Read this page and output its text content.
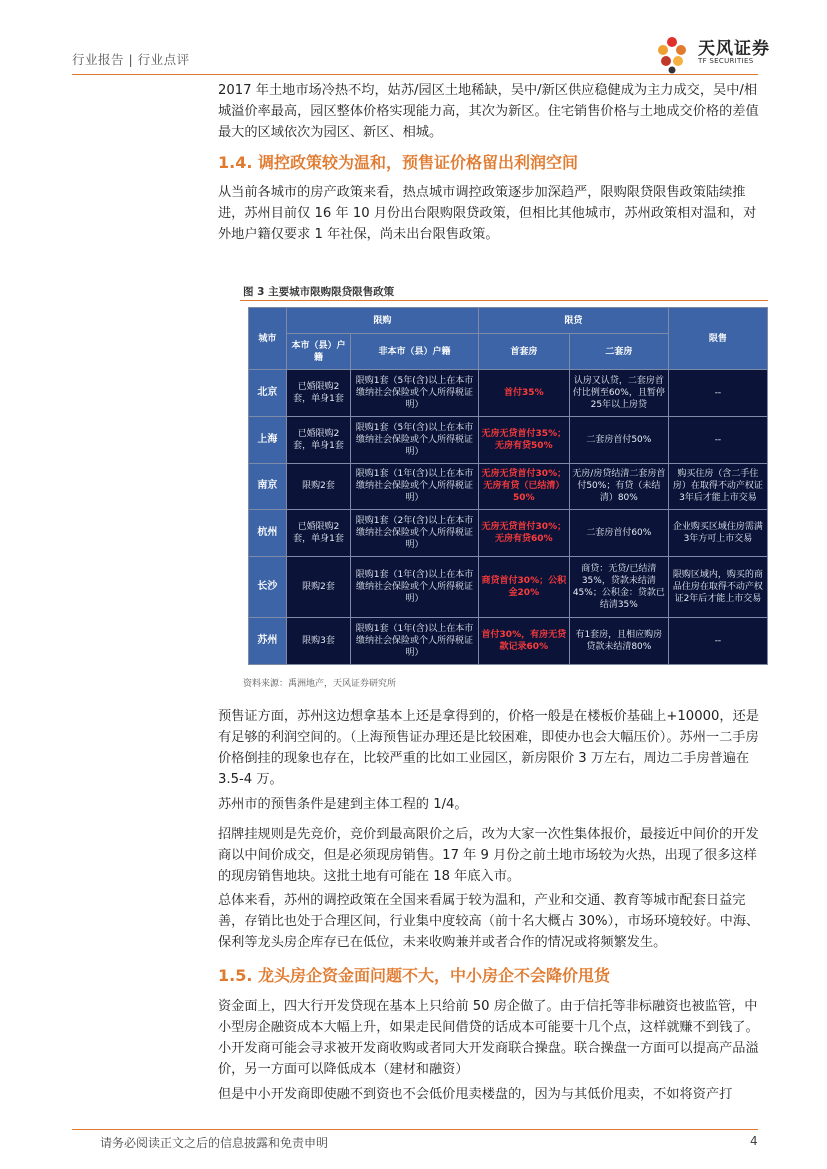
行业报告 | 行业点评
天风证券
TF SECURITIES

2017 年土地市场冷热不均，姑苏/园区土地稀缺，吴中/新区供应稳健成为主力成交，吴中/相城溢价率最高，园区整体价格实现能力高，其次为新区。住宅销售价格与土地成交价格的差值最大的区域依次为园区、新区、相城。

1.4. 调控政策较为温和，预售证价格留出利润空间

从当前各城市的房产政策来看，热点城市调控政策逐步加深趋严，限购限贷限售政策陆续推进，苏州目前仅 16 年 10 月份出台限购限贷政策，但相比其他城市，苏州政策相对温和，对外地户籍仅要求 1 年社保，尚未出台限售政策。

图 3 主要城市限购限贷限售政策
城市	限购		限贷		限售
	本市（县）户籍	非本市（县）户籍	首套房	二套房	
北京	已婚限购2套，单身1套	限购1套（5年(含)以上在本市缴纳社会保险或个人所得税证明）	首付35%	认房又认贷，二套房首付比例至60%，且暂停25年以上房贷	--
上海	已婚限购2套，单身1套	限购1套（5年(含)以上在本市缴纳社会保险或个人所得税证明）	无房无贷首付35%；无房有贷50%	二套房首付50%	--
南京	限购2套	限购1套（1年(含)以上在本市缴纳社会保险或个人所得税证明）	无房无贷首付30%；无房有贷（已结清）50%	无房/房贷结清二套房首付50%；有贷（未结清）80%	购买住房（含二手住房）在取得不动产权证3年后才能上市交易
杭州	已婚限购2套，单身1套	限购1套（2年(含)以上在本市缴纳社会保险或个人所得税证明）	无房无贷首付30%；无房有贷60%	二套房首付60%	企业购买区域住房需满3年方可上市交易
长沙	限购2套	限购1套（1年(含)以上在本市缴纳社会保险或个人所得税证明）	商贷首付30%；公积金20%	商贷：无贷/已结清35%，贷款未结清45%；公积金：贷款已结清35%	限购区域内，购买的商品住房在取得不动产权证2年后才能上市交易
苏州	限购3套	限购1套（1年(含)以上在本市缴纳社会保险或个人所得税证明）	首付30%，有房无贷款记录60%	有1套房，且相应购房贷款未结清80%	--
资料来源：禹洲地产，天风证券研究所

预售证方面，苏州这边想拿基本上还是拿得到的，价格一般是在楼板价基础上+10000，还是有足够的利润空间的。（上海预售证办理还是比较困难，即使办也会大幅压价）。苏州一二手房价格倒挂的现象也存在，比较严重的比如工业园区，新房限价 3 万左右，周边二手房普遍在 3.5-4 万。

苏州市的预售条件是建到主体工程的 1/4。

招牌挂规则是先竞价，竞价到最高限价之后，改为大家一次性集体报价，最接近中间价的开发商以中间价成交，但是必须现房销售。17 年 9 月份之前土地市场较为火热，出现了很多这样的现房销售地块。这批土地有可能在 18 年底入市。

总体来看，苏州的调控政策在全国来看属于较为温和，产业和交通、教育等城市配套日益完善，存销比也处于合理区间，行业集中度较高（前十名大概占 30%），市场环境较好。中海、保利等龙头房企库存已在低位，未来收购兼并或者合作的情况或将频繁发生。

1.5. 龙头房企资金面问题不大，中小房企不会降价甩货

资金面上，四大行开发贷现在基本上只给前 50 房企做了。由于信托等非标融资也被监管，中小型房企融资成本大幅上升，如果走民间借贷的话成本可能要十几个点，这样就赚不到钱了。小开发商可能会寻求被开发商收购或者同大开发商联合操盘。联合操盘一方面可以提高产品溢价，另一方面可以降低成本（建材和融资）

但是中小开发商即使融不到资也不会低价甩卖楼盘的，因为与其低价甩卖，不如将资产打

请务必阅读正文之后的信息披露和免责申明	4
